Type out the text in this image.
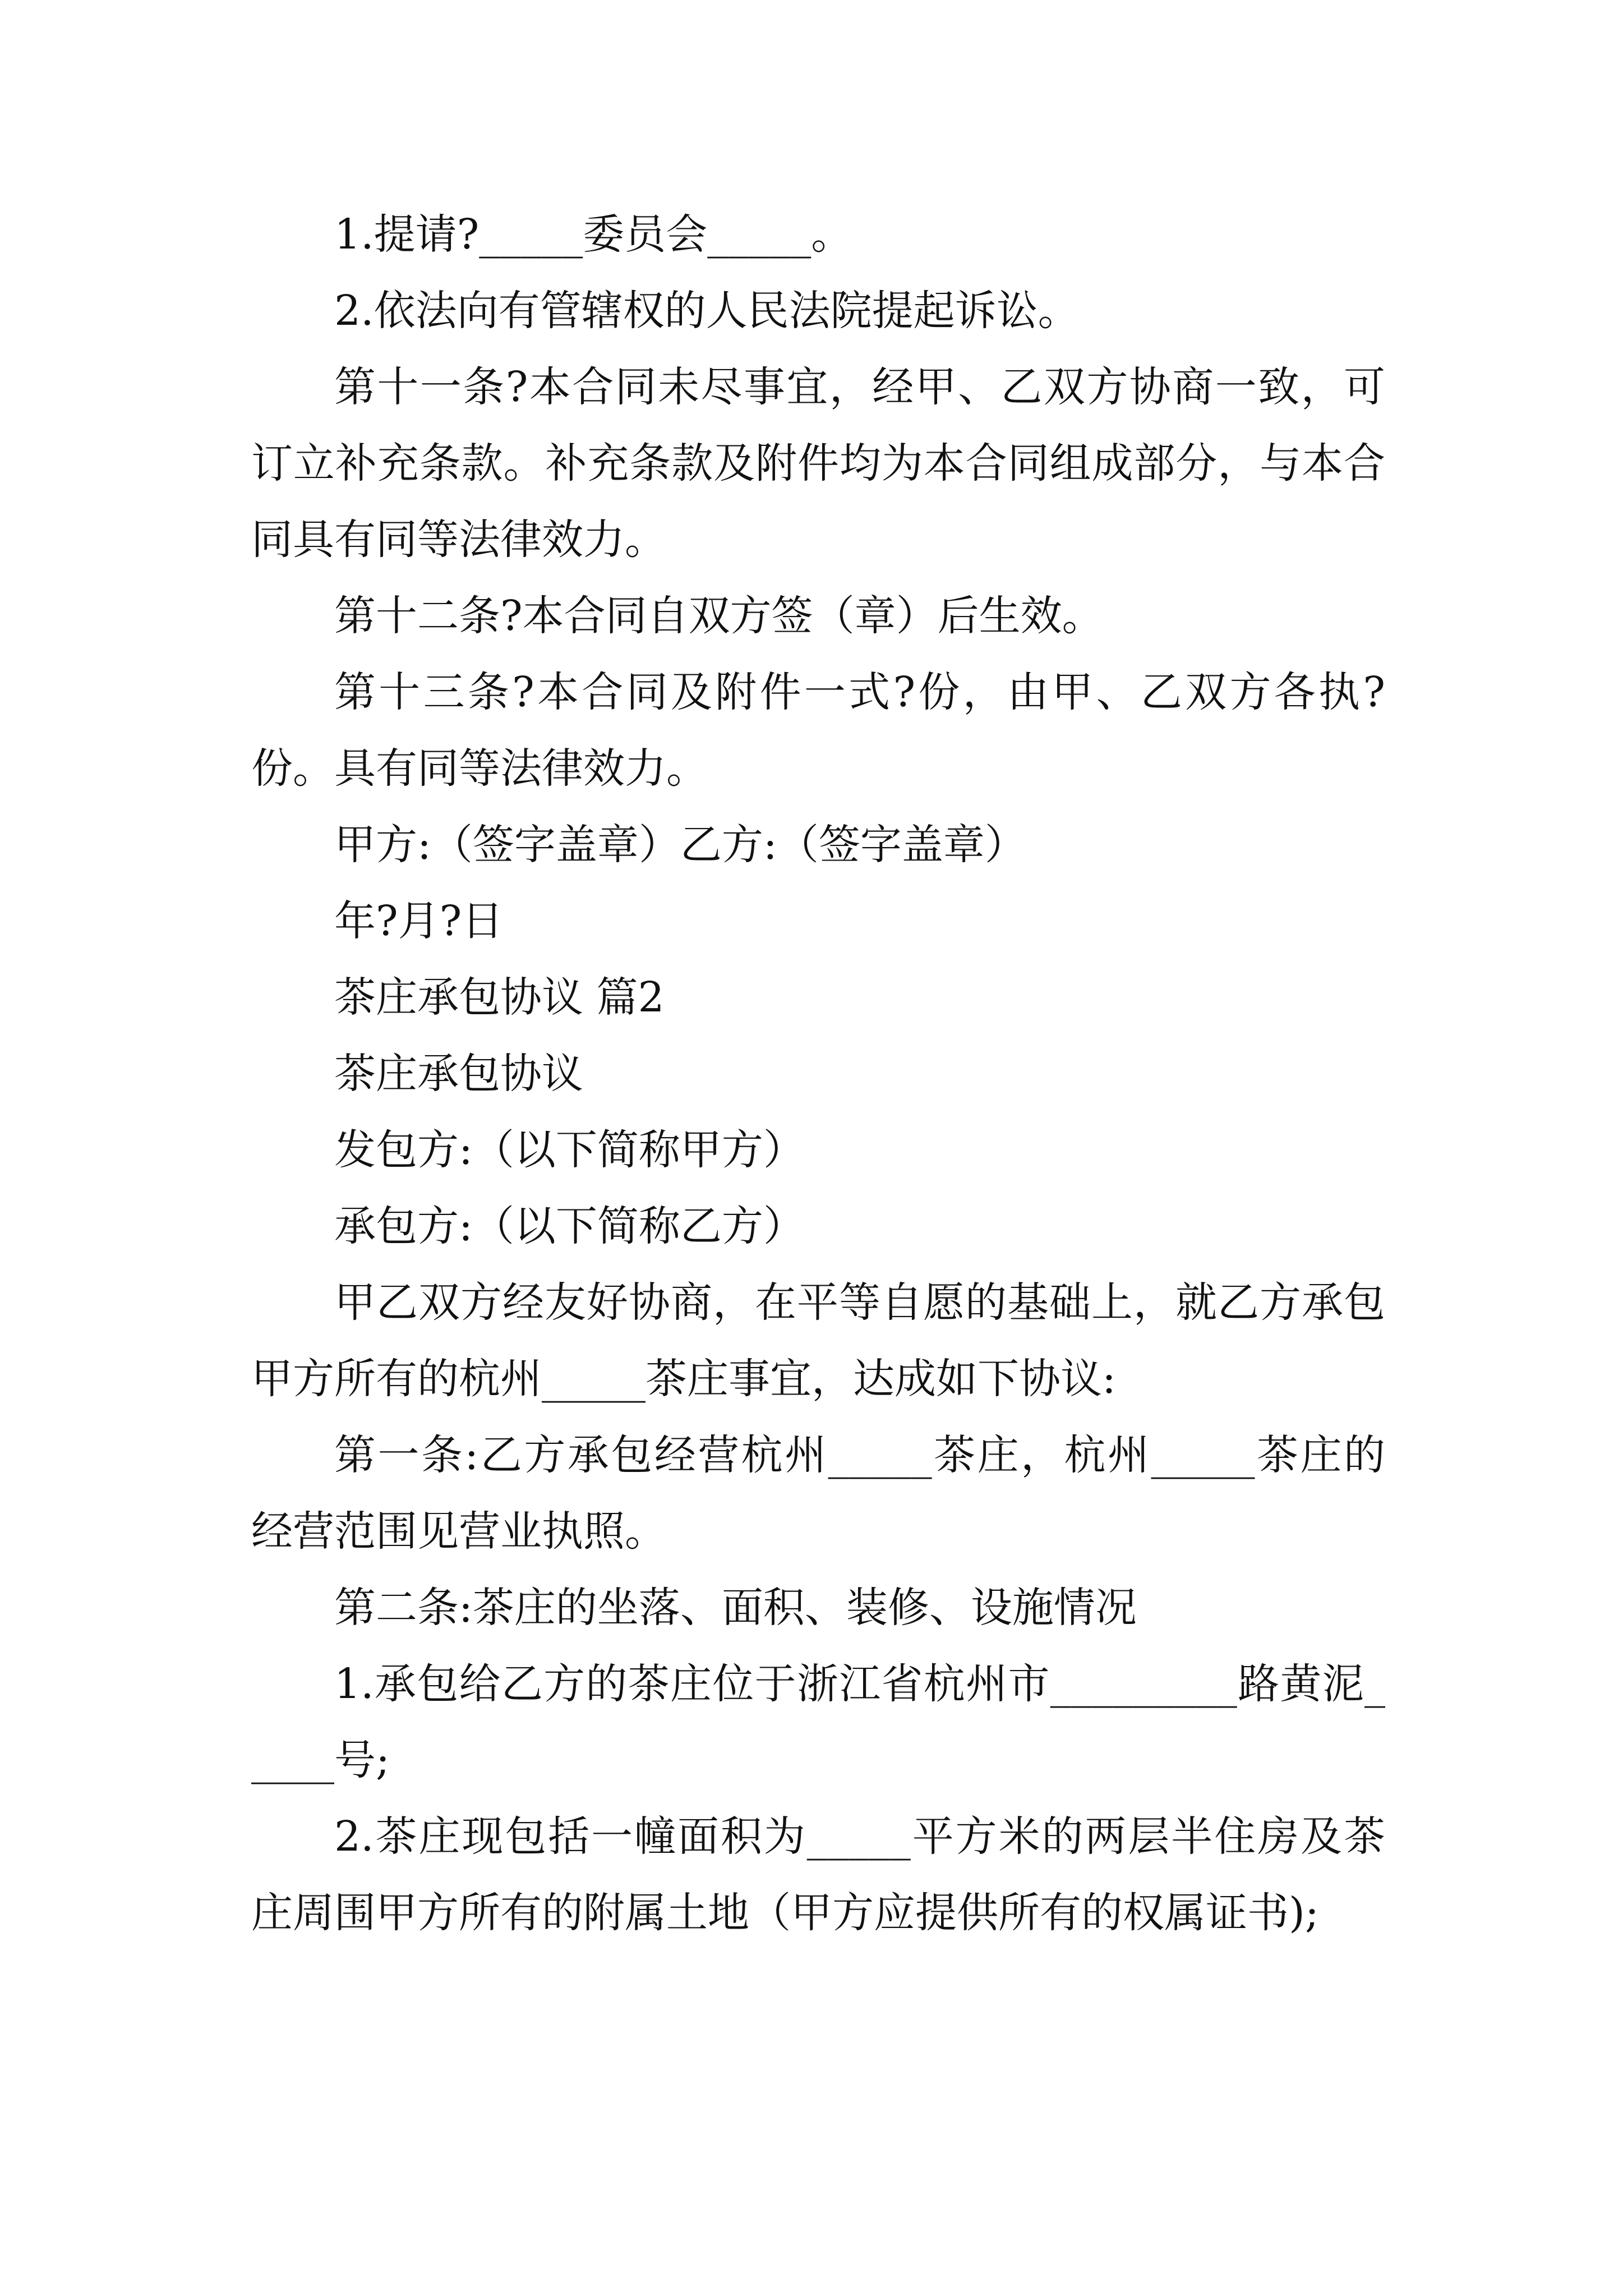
1.提请?_____委员会_____。

2.依法向有管辖权的人民法院提起诉讼。

第十一条?本合同未尽事宜，经甲、乙双方协商一致，可订立补充条款。补充条款及附件均为本合同组成部分，与本合同具有同等法律效力。

第十二条?本合同自双方签（章）后生效。

第十三条?本合同及附件一式?份，由甲、乙双方各执?份。具有同等法律效力。

甲方:（签字盖章）乙方:（签字盖章）

年?月?日

茶庄承包协议 篇2

茶庄承包协议

发包方:（以下简称甲方）

承包方:（以下简称乙方）

甲乙双方经友好协商，在平等自愿的基础上，就乙方承包甲方所有的杭州_____茶庄事宜，达成如下协议:

第一条:乙方承包经营杭州_____茶庄，杭州_____茶庄的经营范围见营业执照。

第二条:茶庄的坐落、面积、装修、设施情况

1.承包给乙方的茶庄位于浙江省杭州市_________路黄泥_____号;

2.茶庄现包括一幢面积为_____平方米的两层半住房及茶庄周围甲方所有的附属土地（甲方应提供所有的权属证书);
